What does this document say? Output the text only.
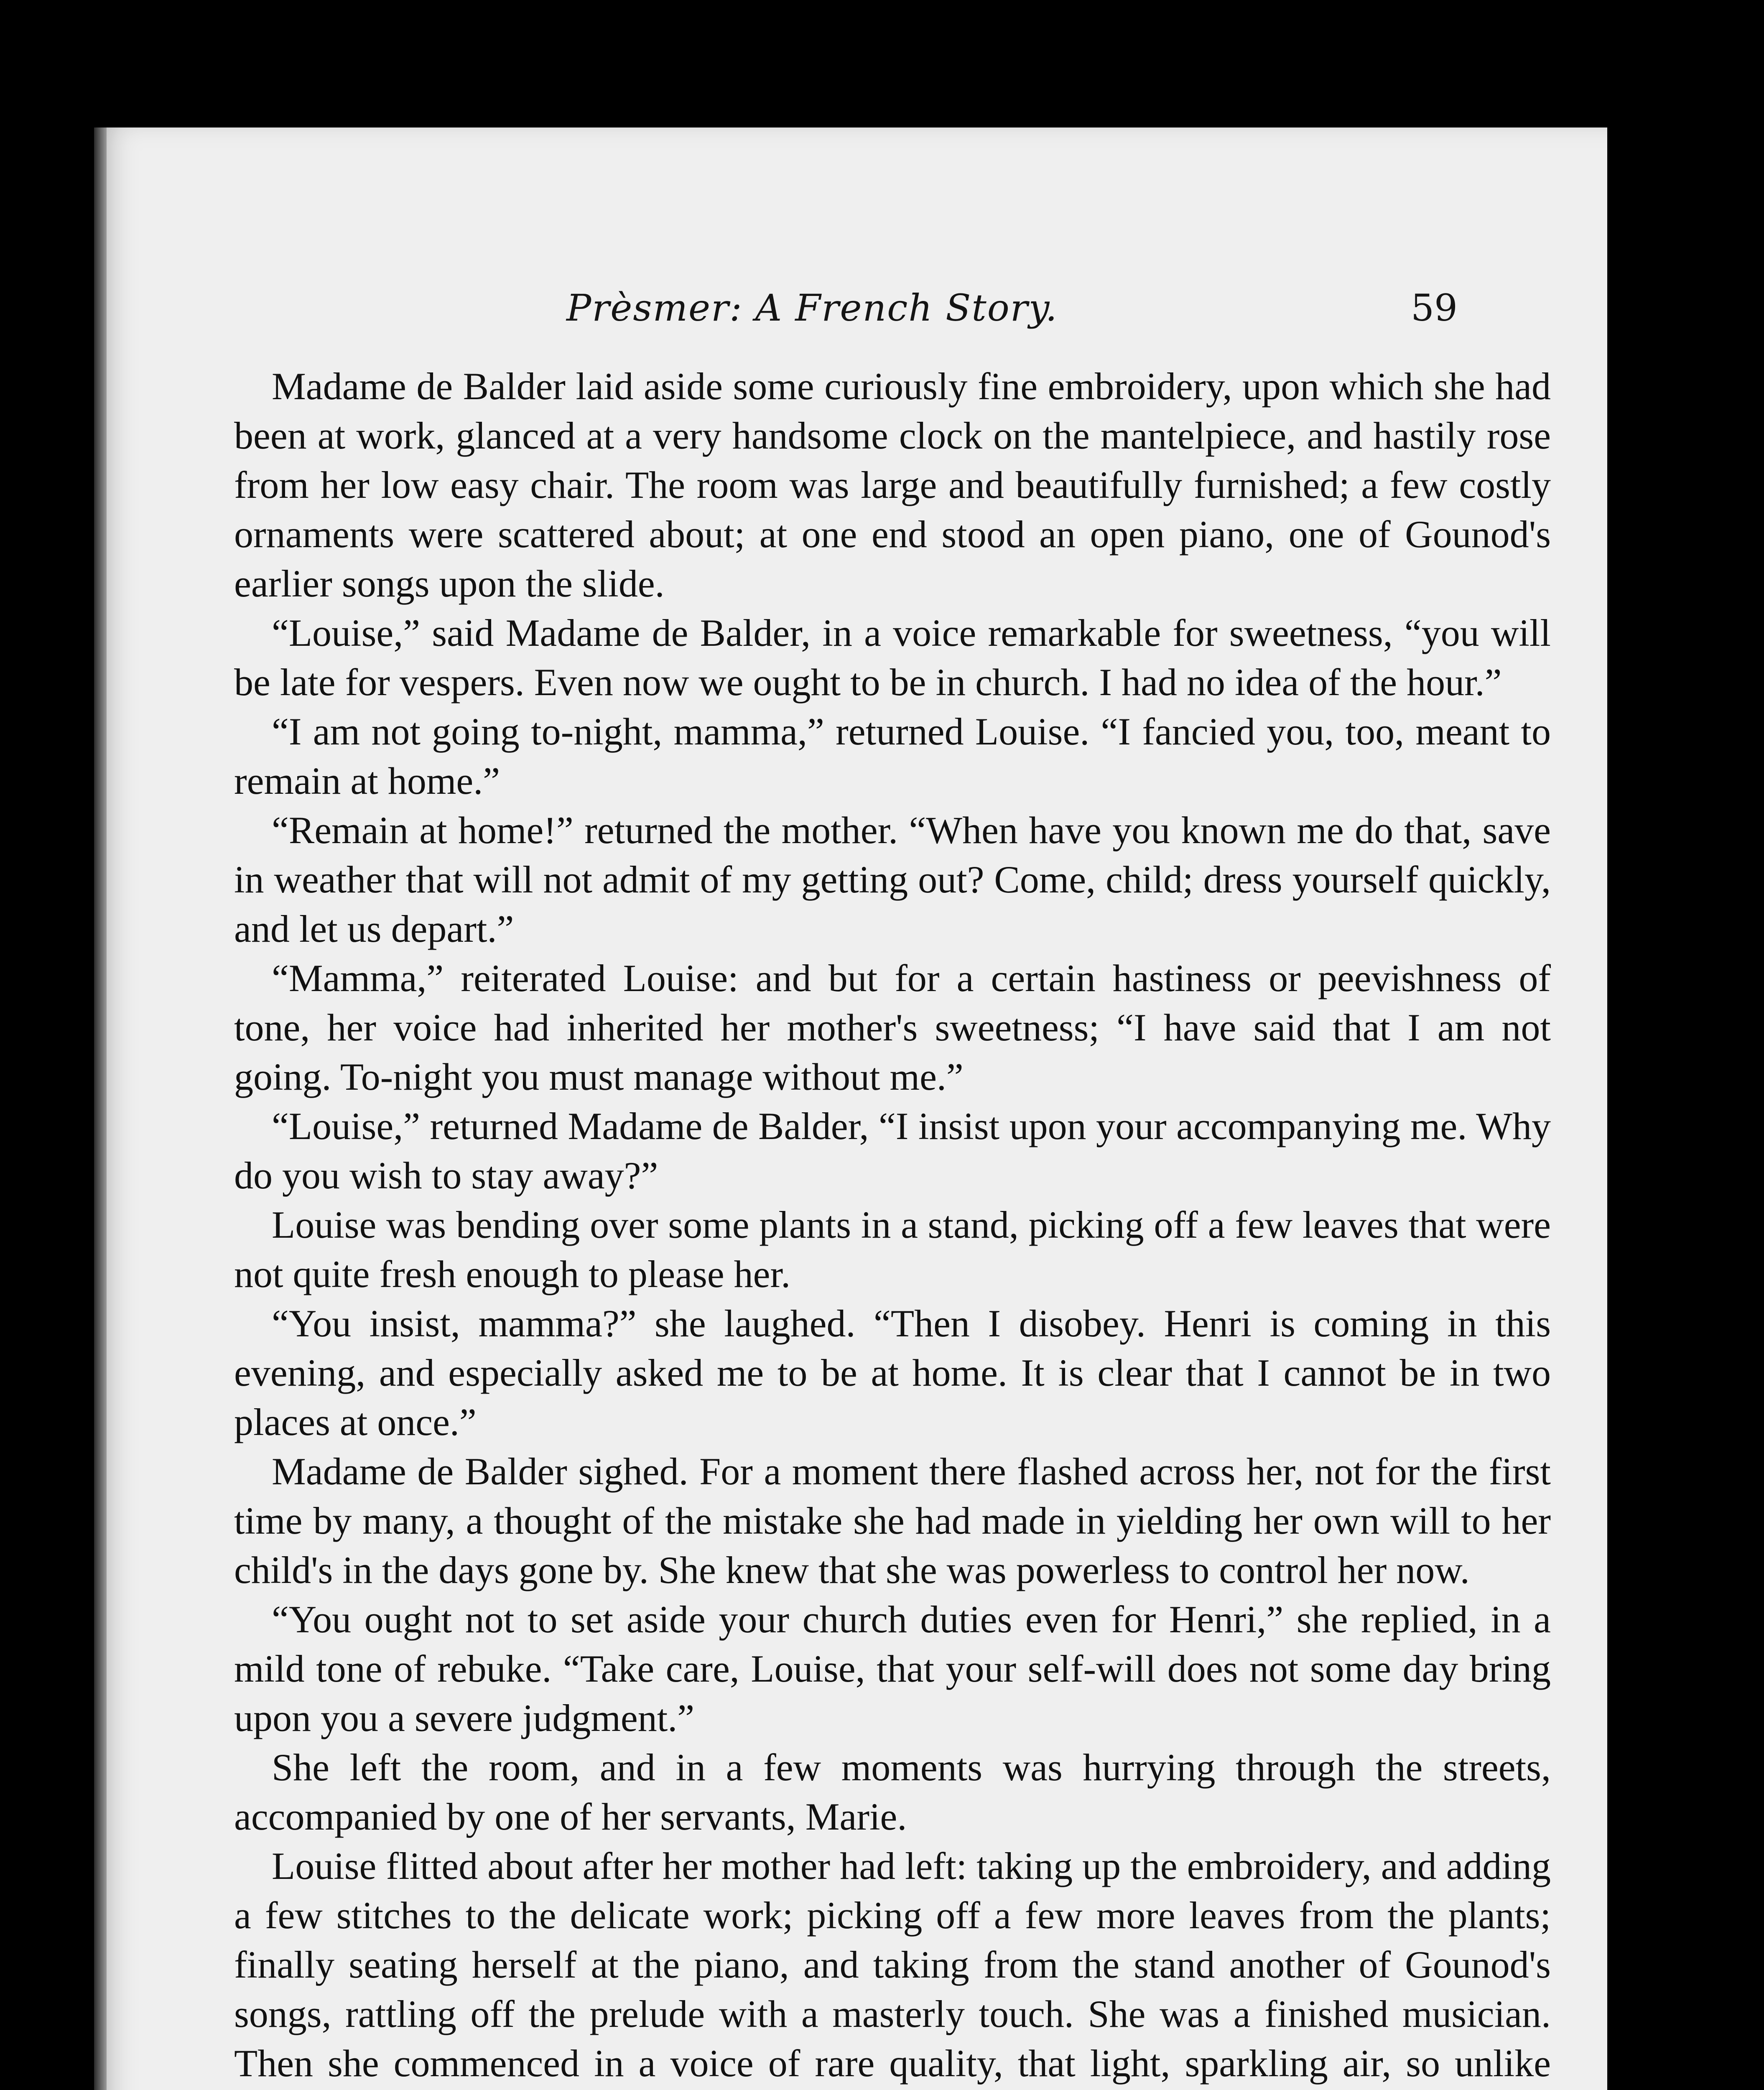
Prèsmer: A French Story.	59

Madame de Balder laid aside some curiously fine embroidery, upon which she had been at work, glanced at a very handsome clock on the mantelpiece, and hastily rose from her low easy chair. The room was large and beautifully furnished; a few costly ornaments were scattered about; at one end stood an open piano, one of Gounod's earlier songs upon the slide.

“Louise,” said Madame de Balder, in a voice remarkable for sweetness, “you will be late for vespers. Even now we ought to be in church. I had no idea of the hour.”

“I am not going to-night, mamma,” returned Louise. “I fancied you, too, meant to remain at home.”

“Remain at home!” returned the mother. “When have you known me do that, save in weather that will not admit of my getting out? Come, child; dress yourself quickly, and let us depart.”

“Mamma,” reiterated Louise: and but for a certain hastiness or peevishness of tone, her voice had inherited her mother's sweetness; “I have said that I am not going. To-night you must manage without me.”

“Louise,” returned Madame de Balder, “I insist upon your accompanying me. Why do you wish to stay away?”

Louise was bending over some plants in a stand, picking off a few leaves that were not quite fresh enough to please her.

“You insist, mamma?” she laughed. “Then I disobey. Henri is coming in this evening, and especially asked me to be at home. It is clear that I cannot be in two places at once.”

Madame de Balder sighed. For a moment there flashed across her, not for the first time by many, a thought of the mistake she had made in yielding her own will to her child's in the days gone by. She knew that she was powerless to control her now.

“You ought not to set aside your church duties even for Henri,” she replied, in a mild tone of rebuke. “Take care, Louise, that your self-will does not some day bring upon you a severe judgment.”

She left the room, and in a few moments was hurrying through the streets, accompanied by one of her servants, Marie.

Louise flitted about after her mother had left: taking up the embroidery, and adding a few stitches to the delicate work; picking off a few more leaves from the plants; finally seating herself at the piano, and taking from the stand another of Gounod's songs, rattling off the prelude with a masterly touch. She was a finished musician. Then she commenced in a voice of rare quality, that light, sparkling air, so unlike
